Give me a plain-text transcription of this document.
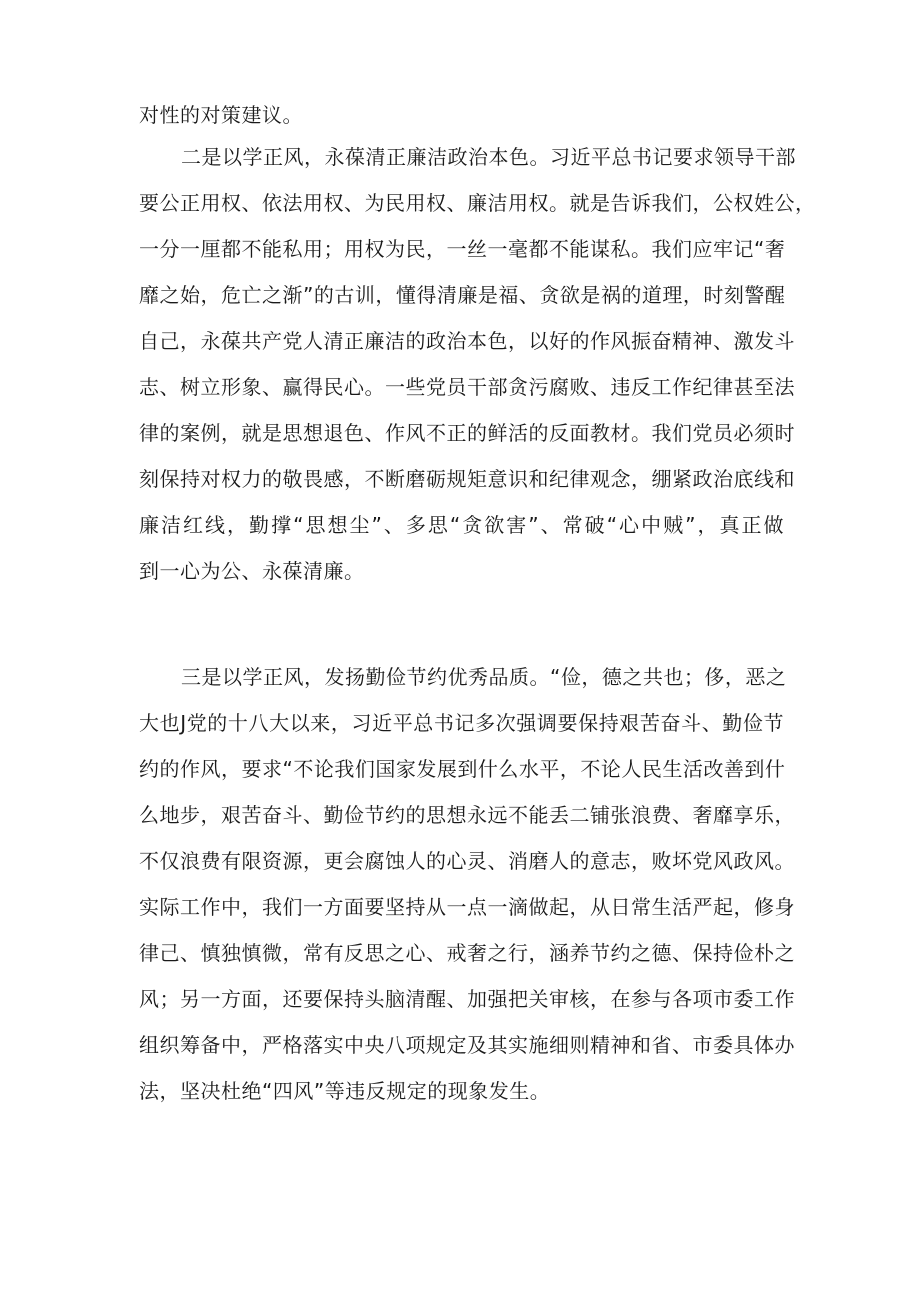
对性的对策建议。
二是以学正风，永葆清正廉洁政治本色。习近平总书记要求领导干部
要公正用权、依法用权、为民用权、廉洁用权。就是告诉我们，公权姓公，
一分一厘都不能私用；用权为民，一丝一毫都不能谋私。我们应牢记“奢
靡之始，危亡之渐”的古训，懂得清廉是福、贪欲是祸的道理，时刻警醒
自己，永葆共产党人清正廉洁的政治本色，以好的作风振奋精神、激发斗
志、树立形象、赢得民心。一些党员干部贪污腐败、违反工作纪律甚至法
律的案例，就是思想退色、作风不正的鲜活的反面教材。我们党员必须时
刻保持对权力的敬畏感，不断磨砺规矩意识和纪律观念，绷紧政治底线和
廉洁红线，勤撑“思想尘”、多思“贪欲害”、常破“心中贼”，真正做
到一心为公、永葆清廉。
三是以学正风，发扬勤俭节约优秀品质。“俭，德之共也；侈，恶之
大也J党的十八大以来，习近平总书记多次强调要保持艰苦奋斗、勤俭节
约的作风，要求“不论我们国家发展到什么水平，不论人民生活改善到什
么地步，艰苦奋斗、勤俭节约的思想永远不能丢二铺张浪费、奢靡享乐，
不仅浪费有限资源，更会腐蚀人的心灵、消磨人的意志，败坏党风政风。
实际工作中，我们一方面要坚持从一点一滴做起，从日常生活严起，修身
律己、慎独慎微，常有反思之心、戒奢之行，涵养节约之德、保持俭朴之
风；另一方面，还要保持头脑清醒、加强把关审核，在参与各项市委工作
组织筹备中，严格落实中央八项规定及其实施细则精神和省、市委具体办
法，坚决杜绝“四风”等违反规定的现象发生。
